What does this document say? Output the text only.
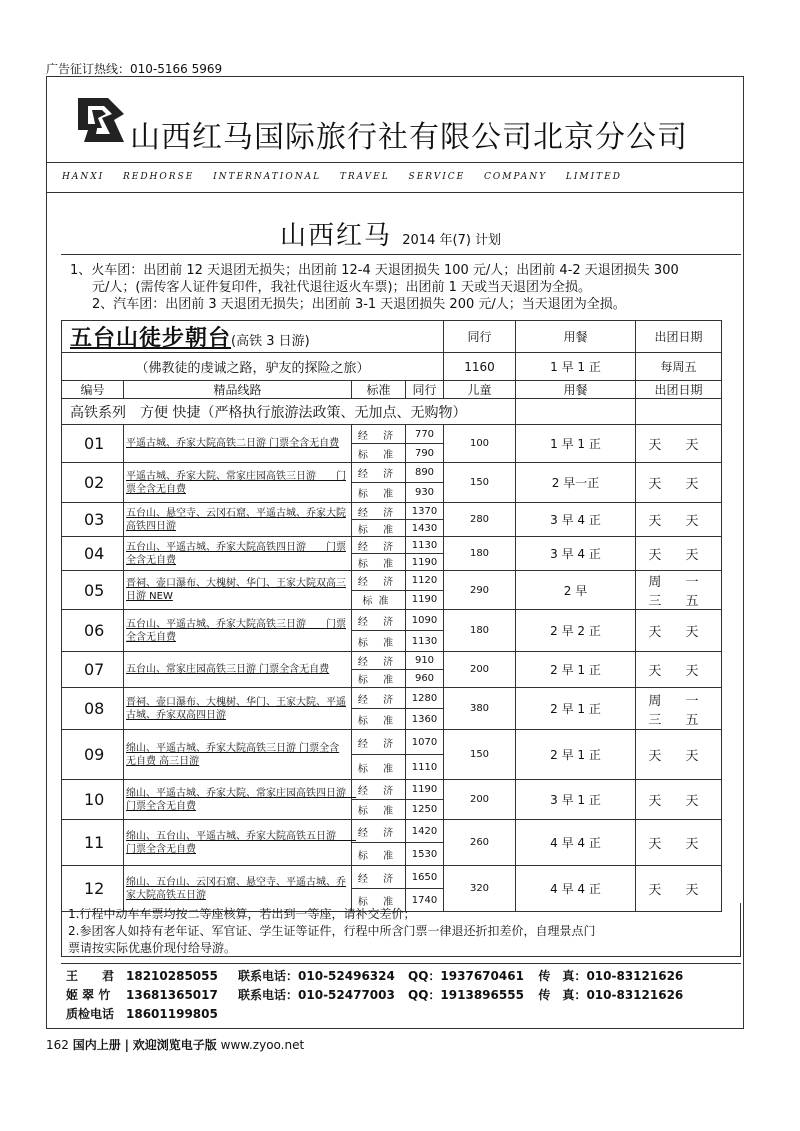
广告征订热线：010-5166 5969
山西红马国际旅行社有限公司北京分公司
HANXI REDHORSE INTERNATIONAL TRAVEL SERVICE COMPANY LIMITED
山西红马 2014 年(7) 计划
1、火车团：出团前 12 天退团无损失；出团前 12-4 天退团损失 100 元/人；出团前 4-2 天退团损失 300
元/人；(需传客人证件复印件，我社代退往返火车票)；出团前 1 天或当天退团为全损。
2、汽车团：出团前 3 天退团无损失；出团前 3-1 天退团损失 200 元/人；当天退团为全损。
五台山徒步朝台(高铁 3 日游)				同行	用餐	出团日期
（佛教徒的虔诚之路，驴友的探险之旅）				1160	1 早 1 正	每周五
编号	精品线路	标准	同行	儿童	用餐	出团日期
高铁系列　方便 快捷（严格执行旅游法政策、无加点、无购物）						
01	平遥古城、乔家大院高铁二日游 门票全含无自费	经 济	770	100	1 早 1 正	天 天
		标 准	790			
02	平遥古城、乔家大院、常家庄园高铁三日游　　门票全含无自费	经 济	890	150	2 早一正	天 天
		标 准	930			
03	五台山、悬空寺、云冈石窟、平遥古城、乔家大院高铁四日游	经 济	1370	280	3 早 4 正	天 天
		标 准	1430			
04	五台山、平遥古城、乔家大院高铁四日游　　门票全含无自费	经 济	1130	180	3 早 4 正	天 天
		标 准	1190			
05	晋祠、壶口瀑布、大槐树、华门、王家大院双高三日游 NEW	经 济	1120	290	2 早	周 一 三 五
		标准	1190			
06	五台山、平遥古城、乔家大院高铁三日游　　门票全含无自费	经 济	1090	180	2 早 2 正	天 天
		标 准	1130			
07	五台山、常家庄园高铁三日游 门票全含无自费	经 济	910	200	2 早 1 正	天 天
		标 准	960			
08	晋祠、壶口瀑布、大槐树、华门、王家大院、平遥古城、乔家双高四日游	经 济	1280	380	2 早 1 正	周 一 三 五
		标 准	1360			
09	绵山、平遥古城、乔家大院高铁三日游 门票全含无自费 高三日游	经 济	1070	150	2 早 1 正	天 天
		标 准	1110			
10	绵山、平遥古城、乔家大院、常家庄园高铁四日游　门票全含无自费	经 济	1190	200	3 早 1 正	天 天
		标 准	1250			
11	绵山、五台山、平遥古城、乔家大院高铁五日游　　门票全含无自费	经 济	1420	260	4 早 4 正	天 天
		标 准	1530			
12	绵山、五台山、云冈石窟、悬空寺、平遥古城、乔家大院高铁五日游	经 济	1650	320	4 早 4 正	天 天
		标 准	1740			
1.行程中动车车票均按二等座核算，若出到一等座，请补交差价；
2.参团客人如持有老年证、军官证、学生证等证件，行程中所含门票一律退还折扣差价，自理景点门
票请按实际优惠价现付给导游。
王　　君 18210285055	联系电话： 010-52496324	QQ： 1937670461	传　真： 010-83121626
姬 翠 竹	13681365017	联系电话： 010-52477003	QQ： 1913896555	传　真： 010-83121626
质检电话 18601199805
162 国内上册 | 欢迎浏览电子版 www.zyoo.net
